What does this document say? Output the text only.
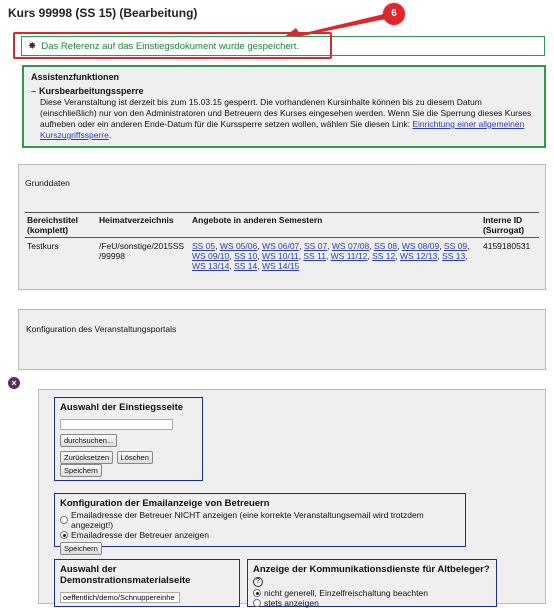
Kurs 99998 (SS 15) (Bearbeitung)	6
✸ Das Referenz auf das Einstiegsdokument wurde gespeichert.
Assistenzfunktionen
– Kursbearbeitungssperre
Diese Veranstaltung ist derzeit bis zum 15.03.15 gesperrt. Die vorhandenen Kursinhalte können bis zu diesem Datum (einschließlich) nur von den Administratoren und Betreuern des Kurses eingesehen werden. Wenn Sie die Sperrung dieses Kurses aufheben oder ein anderen Ende-Datum für die Kurssperre setzen wollen, wählen Sie diesen Link: Einrichtung einer allgemeinen Kurszugriffssperre.
Grunddaten
Bereichstitel (komplett)	Heimatverzeichnis	Angebote in anderen Semestern	Interne ID (Surrogat)
Testkurs	/FeU/sonstige/2015SS /99998	SS 05, WS 05/06, WS 06/07, SS 07, WS 07/08, SS 08, WS 08/09, SS 09, WS 09/10, SS 10, WS 10/11, SS 11, WS 11/12, SS 12, WS 12/13, SS 13, WS 13/14, SS 14, WS 14/15	4159180531
Konfiguration des Veranstaltungsportals
×
Auswahl der Einstiegsseite
durchsuchen...
Zurücksetzen Löschen Speichern
Konfiguration der Emailanzeige von Betreuern
Emailadresse der Betreuer NICHT anzeigen (eine korrekte Veranstaltungsemail wird trotzdem angezeigt!)
Emailadresse der Betreuer anzeigen
Speichern
Auswahl der Demonstrationsmaterialseite
oeffentlich/demo/Schnuppereinhe
Anzeige der Kommunikationsdienste für Altbeleger? ?
nicht generell, Einzelfreischaltung beachten
stets anzeigen
